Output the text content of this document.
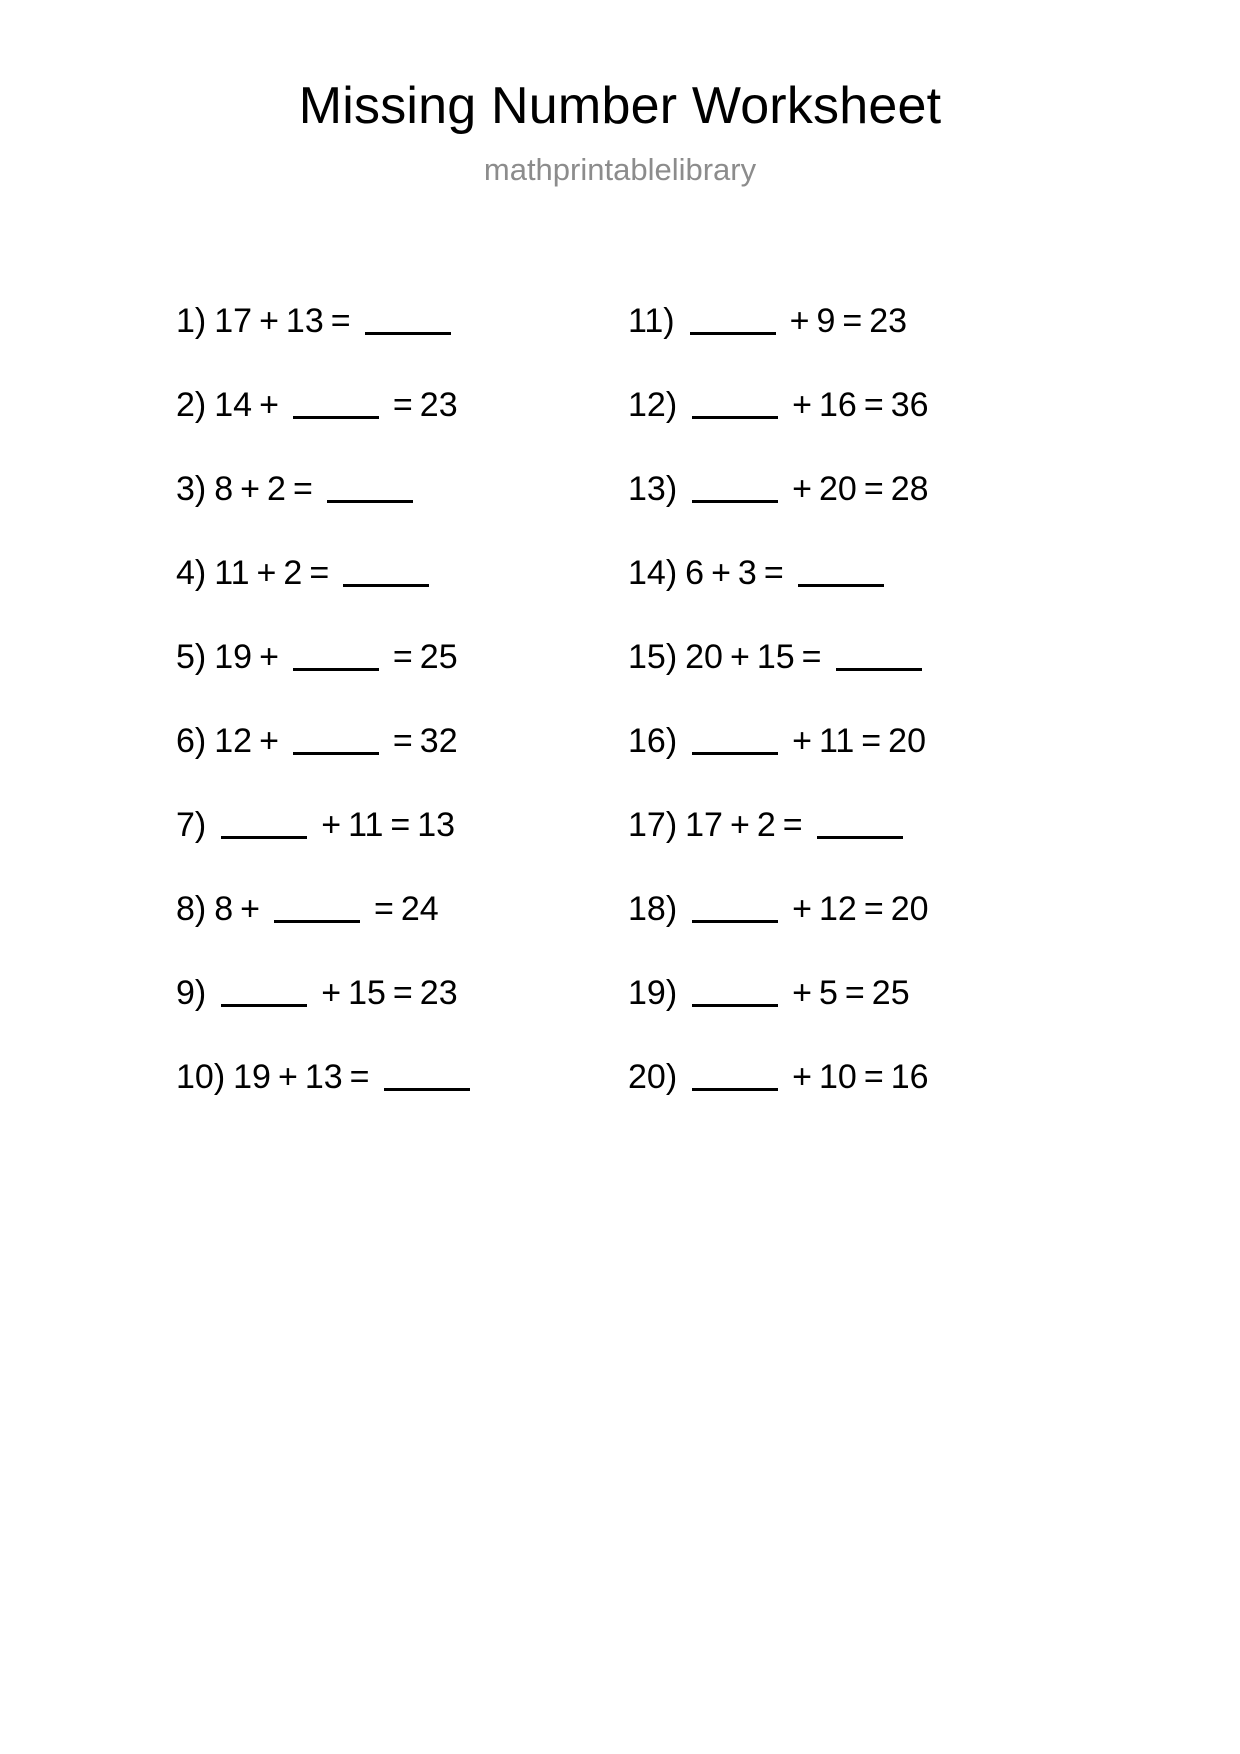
Missing Number Worksheet
mathprintablelibrary
1) 17 + 13 =
2) 14 +	= 23
3) 8 + 2 =
4) 11 + 2 =
5) 19 +	= 25
6) 12 +	= 32
7)	+ 11 = 13
8) 8 +	= 24
9)	+ 15 = 23
10) 19 + 13 =
11)	+ 9 = 23
12)	+ 16 = 36
13)	+ 20 = 28
14) 6 + 3 =
15) 20 + 15 =
16)	+ 11 = 20
17) 17 + 2 =
18)	+ 12 = 20
19)	+ 5 = 25
20)	+ 10 = 16
